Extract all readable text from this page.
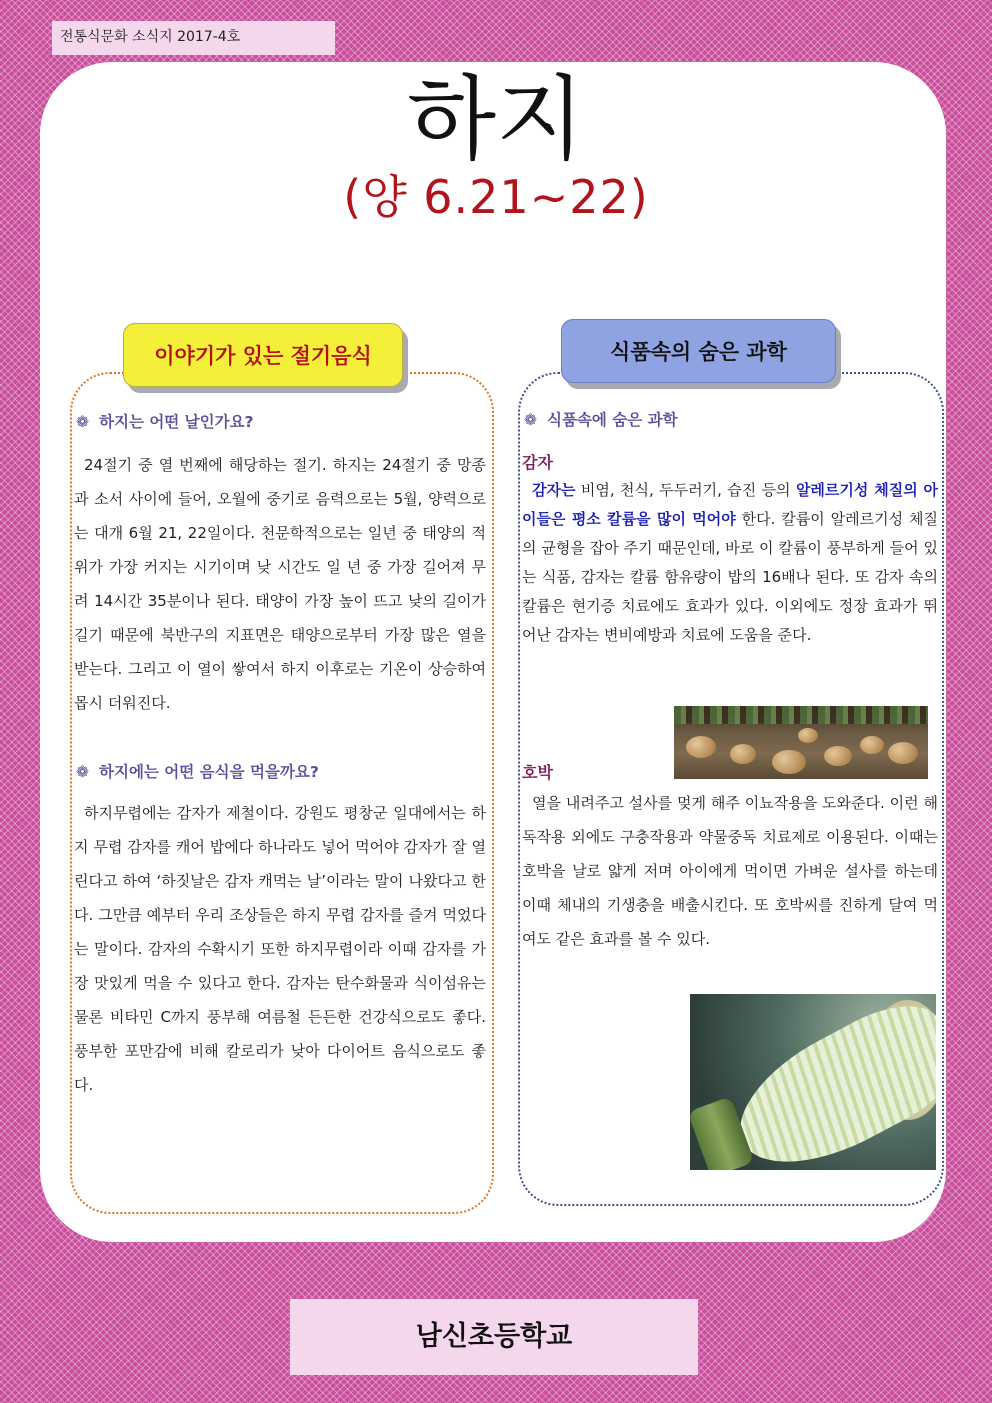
전통식문화 소식지 2017-4호
하지
(양 6.21~22)
이야기가 있는 절기음식	식품속의 숨은 과학
❁ 하지는 어떤 날인가요?
24절기 중 열 번째에 해당하는 절기. 하지는 24절기 중 망종과 소서 사이에 들어, 오월에 중기로 음력으로는 5월, 양력으로는 대개 6월 21, 22일이다. 천문학적으로는 일년 중 태양의 적위가 가장 커지는 시기이며 낮 시간도 일 년 중 가장 길어져 무려 14시간 35분이나 된다. 태양이 가장 높이 뜨고 낮의 길이가 길기 때문에 북반구의 지표면은 태양으로부터 가장 많은 열을 받는다. 그리고 이 열이 쌓여서 하지 이후로는 기온이 상승하여 몹시 더워진다.
❁ 하지에는 어떤 음식을 먹을까요?
하지무렵에는 감자가 제철이다. 강원도 평창군 일대에서는 하지 무렵 감자를 캐어 밥에다 하나라도 넣어 먹어야 감자가 잘 열린다고 하여 ‘하짓날은 감자 캐먹는 날’이라는 말이 나왔다고 한다. 그만큼 예부터 우리 조상들은 하지 무렵 감자를 즐겨 먹었다는 말이다. 감자의 수확시기 또한 하지무렵이라 이때 감자를 가장 맛있게 먹을 수 있다고 한다. 감자는 탄수화물과 식이섬유는 물론 비타민 C까지 풍부해 여름철 든든한 건강식으로도 좋다. 풍부한 포만감에 비해 칼로리가 낮아 다이어트 음식으로도 좋다.
❁ 식품속에 숨은 과학
감자
감자는 비염, 천식, 두두러기, 습진 등의 알레르기성 체질의 아이들은 평소 칼륨을 많이 먹어야 한다. 칼륨이 알레르기성 체질의 균형을 잡아 주기 때문인데, 바로 이 칼륨이 풍부하게 들어 있는 식품, 감자는 칼륨 함유량이 밥의 16배나 된다. 또 감자 속의 칼륨은 현기증 치료에도 효과가 있다. 이외에도 정장 효과가 뛰어난 감자는 변비예방과 치료에 도움을 준다.
호박
열을 내려주고 설사를 멎게 해주 이뇨작용을 도와준다. 이런 해독작용 외에도 구충작용과 약물중독 치료제로 이용된다. 이때는 호박을 날로 얇게 저며 아이에게 먹이면 가벼운 설사를 하는데 이때 체내의 기생충을 배출시킨다. 또 호박씨를 진하게 달여 먹여도 같은 효과를 볼 수 있다.
남신초등학교
